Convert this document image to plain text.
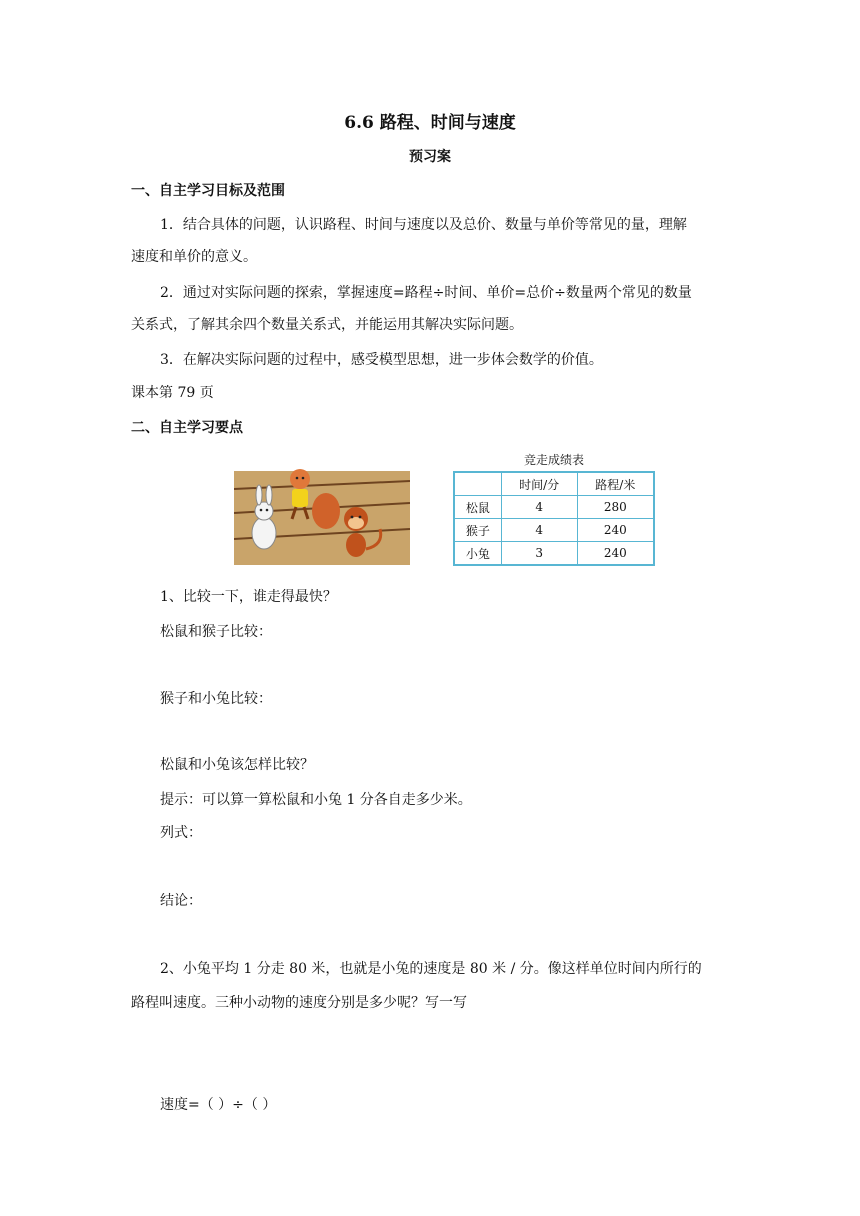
6.6 路程、时间与速度
预习案
一、自主学习目标及范围
1．结合具体的问题，认识路程、时间与速度以及总价、数量与单价等常见的量，理解
速度和单价的意义。
2．通过对实际问题的探索，掌握速度=路程÷时间、单价=总价÷数量两个常见的数量
关系式，了解其余四个数量关系式，并能运用其解决实际问题。
3．在解决实际问题的过程中，感受模型思想，进一步体会数学的价值。
课本第 79 页
二、自主学习要点
竞走成绩表
	时间/分	路程/米
松鼠	4	280
猴子	4	240
小兔	3	240
1、比较一下，谁走得最快？
松鼠和猴子比较：
猴子和小兔比较：
松鼠和小兔该怎样比较？
提示：可以算一算松鼠和小兔 1 分各自走多少米。
列式：
结论：
2、小兔平均 1 分走 80 米，也就是小兔的速度是 80 米 / 分。像这样单位时间内所行的
路程叫速度。三种小动物的速度分别是多少呢？写一写
速度=（ ）÷（ ）
